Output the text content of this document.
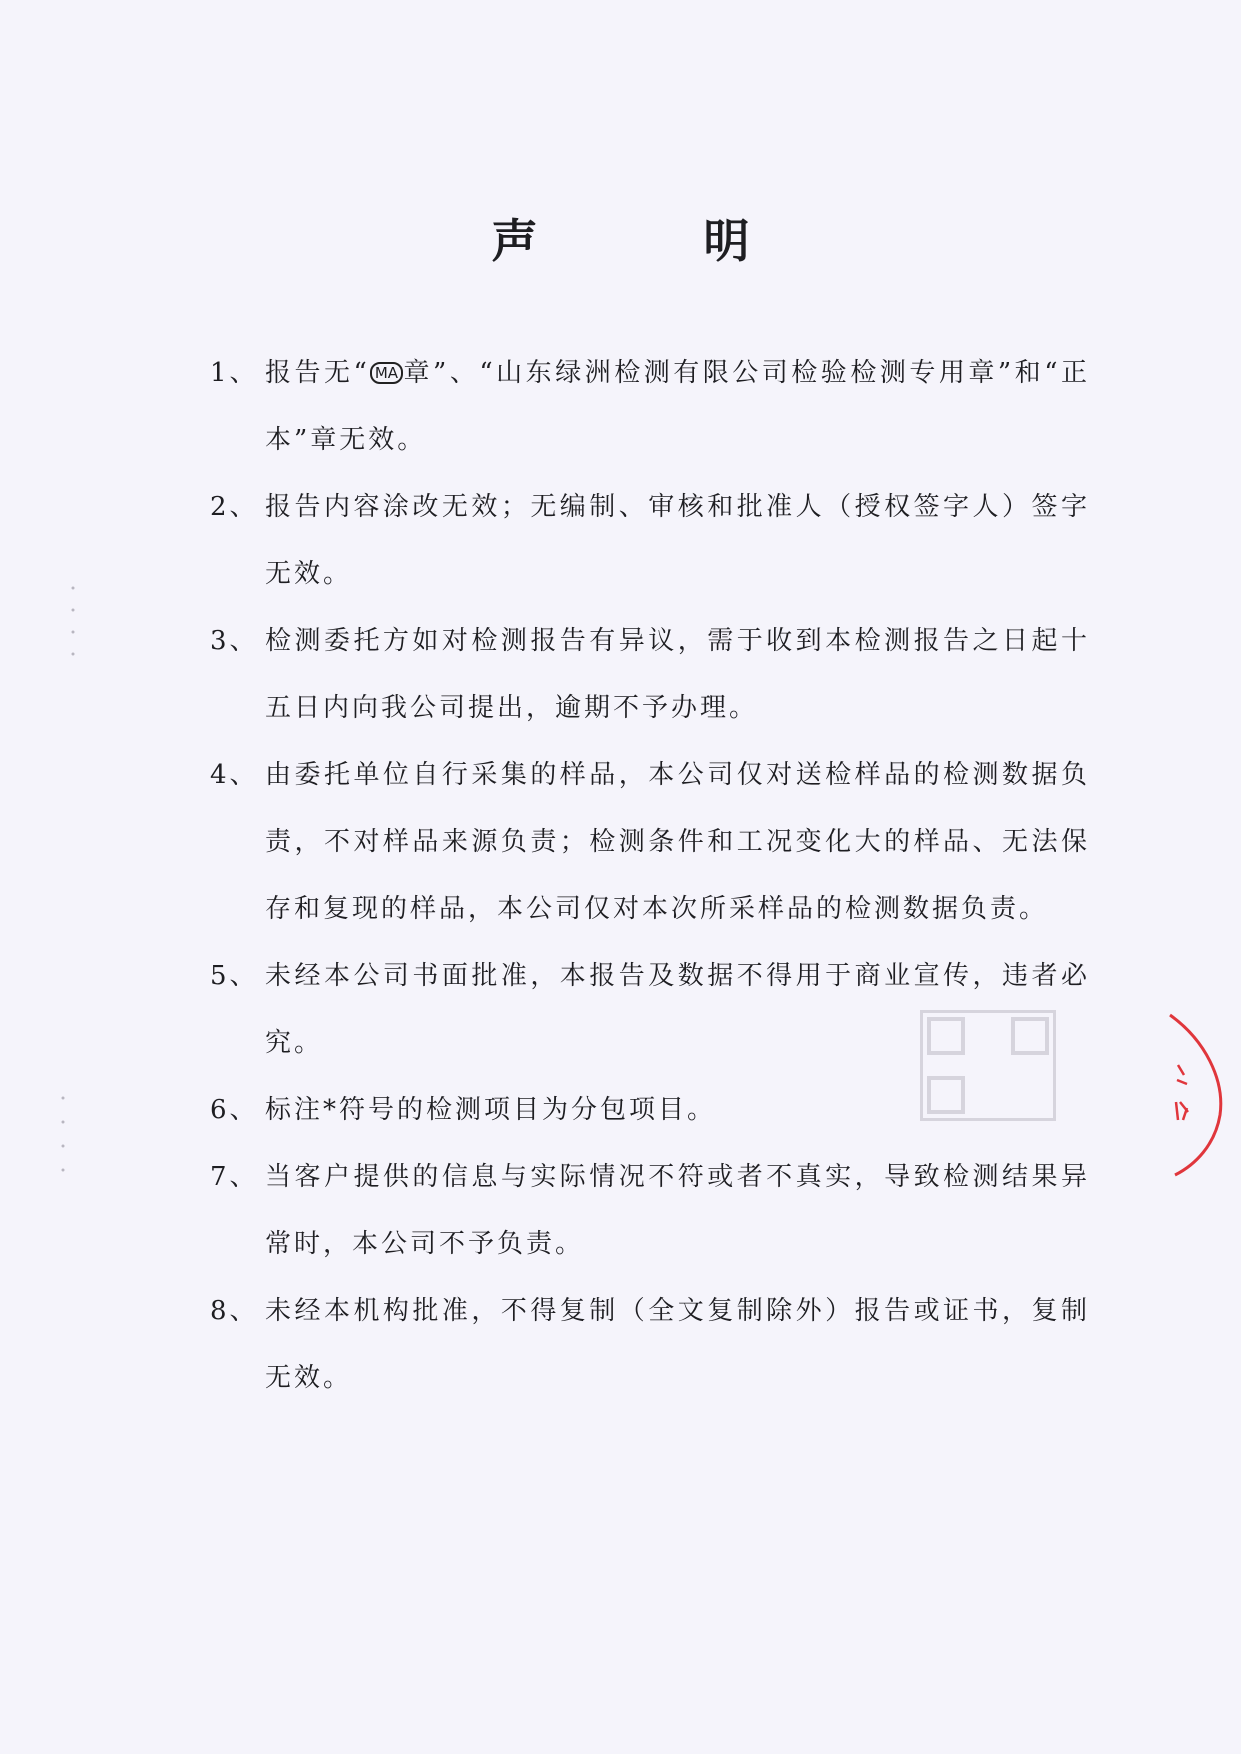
声　明
1、 报告无“ MA 章”、“山东绿洲检测有限公司检验检测专用章”和“正本”章无效。
2、 报告内容涂改无效；无编制、审核和批准人（授权签字人）签字无效。
3、 检测委托方如对检测报告有异议，需于收到本检测报告之日起十五日内向我公司提出，逾期不予办理。
4、 由委托单位自行采集的样品，本公司仅对送检样品的检测数据负责，不对样品来源负责；检测条件和工况变化大的样品、无法保存和复现的样品，本公司仅对本次所采样品的检测数据负责。
5、 未经本公司书面批准，本报告及数据不得用于商业宣传，违者必究。
6、 标注*符号的检测项目为分包项目。
7、 当客户提供的信息与实际情况不符或者不真实，导致检测结果异常时，本公司不予负责。
8、 未经本机构批准，不得复制（全文复制除外）报告或证书，复制无效。
